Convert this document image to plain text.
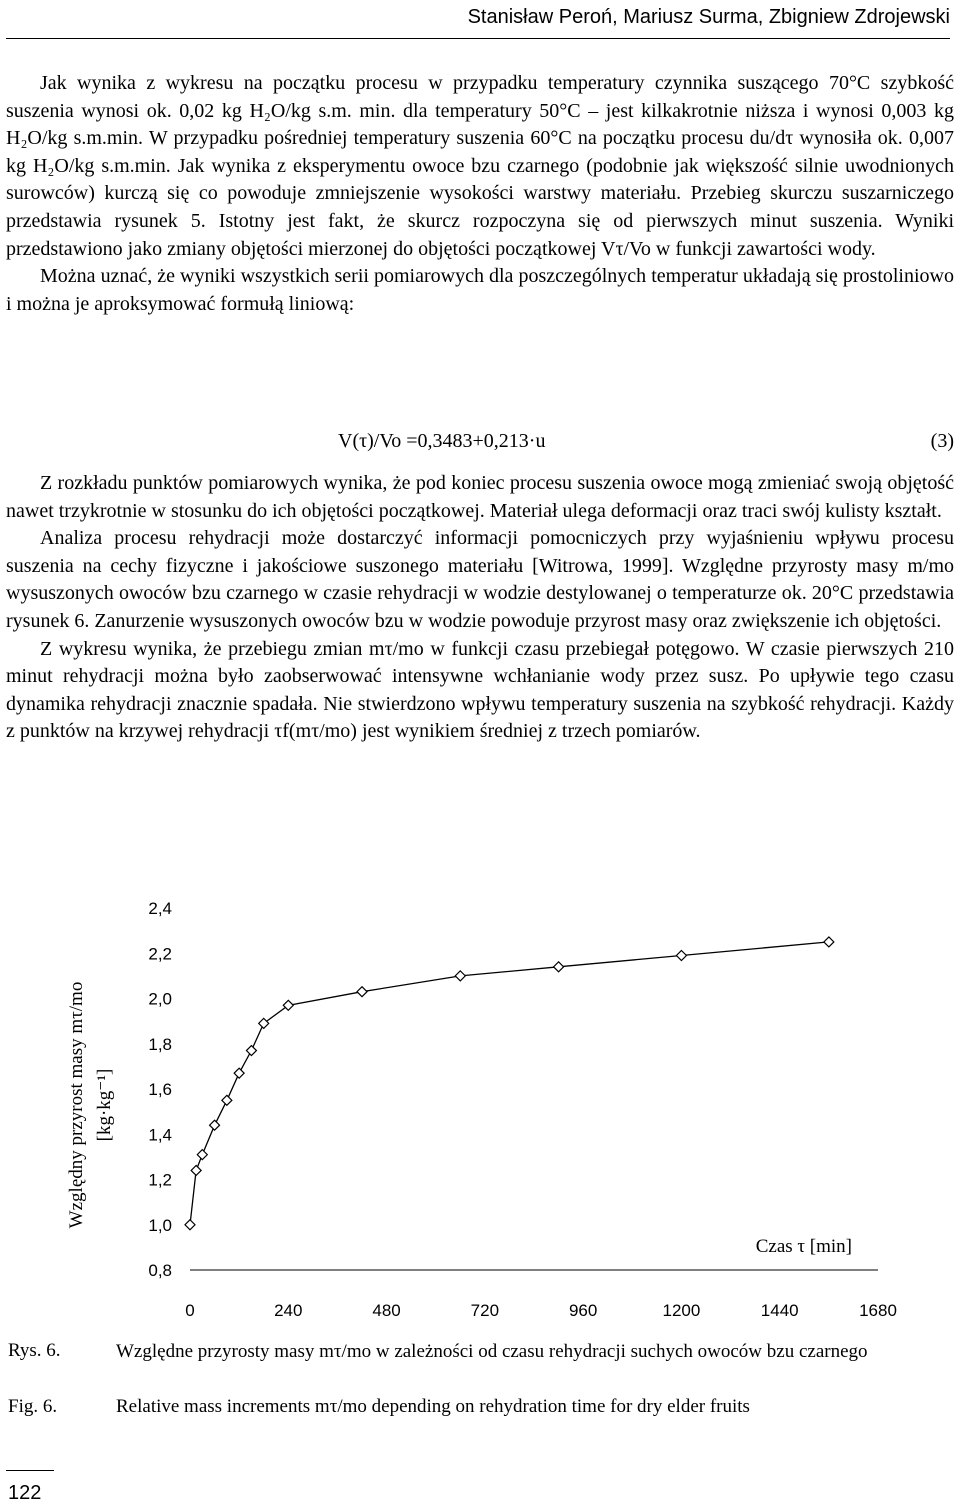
Stanisław Peroń, Mariusz Surma, Zbigniew Zdrojewski

Jak wynika z wykresu na początku procesu w przypadku temperatury czynnika suszącego 70°C szybkość suszenia wynosi ok. 0,02 kg H₂O/kg s.m. min. dla temperatury 50°C – jest kilkakrotnie niższa i wynosi 0,003 kg H₂O/kg s.m.min. W przypadku pośredniej temperatury suszenia 60°C na początku procesu du/dτ wynosiła ok. 0,007 kg H₂O/kg s.m.min. Jak wynika z eksperymentu owoce bzu czarnego (podobnie jak większość silnie uwodnionych surowców) kurczą się co powoduje zmniejszenie wysokości warstwy materiału. Przebieg skurczu suszarniczego przedstawia rysunek 5. Istotny jest fakt, że skurcz rozpoczyna się od pierwszych minut suszenia. Wyniki przedstawiono jako zmiany objętości mierzonej do objętości początkowej Vτ/Vo w funkcji zawartości wody.

Można uznać, że wyniki wszystkich serii pomiarowych dla poszczególnych temperatur układają się prostoliniowo i można je aproksymować formułą liniową:

V(τ)/Vo =0,3483+0,213·u	(3)

Z rozkładu punktów pomiarowych wynika, że pod koniec procesu suszenia owoce mogą zmieniać swoją objętość nawet trzykrotnie w stosunku do ich objętości początkowej. Materiał ulega deformacji oraz traci swój kulisty kształt.

Analiza procesu rehydracji może dostarczyć informacji pomocniczych przy wyjaśnieniu wpływu procesu suszenia na cechy fizyczne i jakościowe suszonego materiału [Witrowa, 1999]. Względne przyrosty masy m/mo wysuszonych owoców bzu czarnego w czasie rehydracji w wodzie destylowanej o temperaturze ok. 20°C przedstawia rysunek 6. Zanurzenie wysuszonych owoców bzu w wodzie powoduje przyrost masy oraz zwiększenie ich objętości.

Z wykresu wynika, że przebiegu zmian mτ/mo w funkcji czasu przebiegał potęgowo. W czasie pierwszych 210 minut rehydracji można było zaobserwować intensywne wchłanianie wody przez susz. Po upływie tego czasu dynamika rehydracji znacznie spadała. Nie stwierdzono wpływu temperatury suszenia na szybkość rehydracji. Każdy z punktów na krzywej rehydracji τf(mτ/mo) jest wynikiem średniej z trzech pomiarów.

0,8
1,0
1,2
1,4
1,6
1,8
2,0
2,2
2,4
0	240	480	720	960	1200	1440	1680
Czas τ [min]
Względny przyrost masy mτ/mo [kg·kg⁻¹]
Rys. 6.	Względne przyrosty masy mτ/mo w zależności od czasu rehydracji suchych owoców bzu czarnego
Fig. 6.	Relative mass increments mτ/mo depending on rehydration time for dry elder fruits
122
